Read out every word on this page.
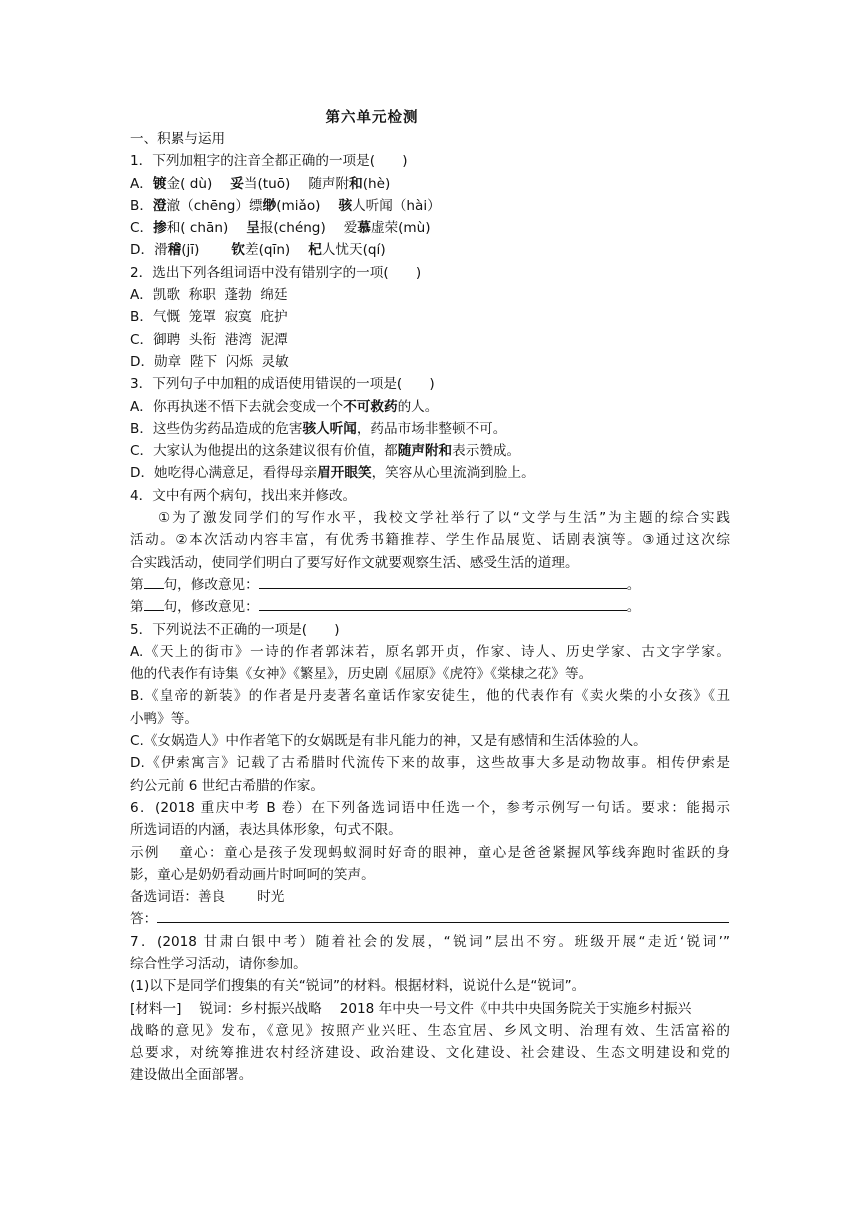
第六单元检测
一、积累与运用
1．下列加粗字的注音全都正确的一项是(　　)
A．镀金( dù) 妥当(tuō) 随声附和(hè)
B．澄澈（chēng）缥缈(miǎo) 骇人听闻（hài）
C．掺和( chān) 呈报(chéng) 爱慕虚荣(mù)
D．滑稽(jī) 钦差(qīn) 杞人忧天(qí)
2．选出下列各组词语中没有错别字的一项(　　)
A．凯歌  称职  蓬勃  绵廷
B．气慨  笼罩  寂寞  庇护
C．御聘  头衔  港湾  泥潭
D．勋章  陛下  闪烁  灵敏
3．下列句子中加粗的成语使用错误的一项是(　　)
A．你再执迷不悟下去就会变成一个不可救药的人。
B．这些伪劣药品造成的危害骇人听闻，药品市场非整顿不可。
C．大家认为他提出的这条建议很有价值，都随声附和表示赞成。
D．她吃得心满意足，看得母亲眉开眼笑，笑容从心里流淌到脸上。
4．文中有两个病句，找出来并修改。
①为了激发同学们的写作水平，我校文学社举行了以“文学与生活”为主题的综合实践
活动。②本次活动内容丰富，有优秀书籍推荐、学生作品展览、话剧表演等。③通过这次综
合实践活动，使同学们明白了要写好作文就要观察生活、感受生活的道理。
第 句，修改意见：	。
第 句，修改意见：	。
5．下列说法不正确的一项是(　　)
A.《天上的街市》一诗的作者郭沫若，原名郭开贞，作家、诗人、历史学家、古文字学家。
他的代表作有诗集《女神》《繁星》，历史剧《屈原》《虎符》《棠棣之花》等。
B.《皇帝的新装》的作者是丹麦著名童话作家安徒生，他的代表作有《卖火柴的小女孩》《丑
小鸭》等。
C.《女娲造人》中作者笔下的女娲既是有非凡能力的神，又是有感情和生活体验的人。
D.《伊索寓言》记载了古希腊时代流传下来的故事，这些故事大多是动物故事。相传伊索是
约公元前 6 世纪古希腊的作家。
6．(2018 重庆中考 B 卷）在下列备选词语中任选一个，参考示例写一句话。要求：能揭示
所选词语的内涵，表达具体形象，句式不限。
示例 童心：童心是孩子发现蚂蚁洞时好奇的眼神，童心是爸爸紧握风筝线奔跑时雀跃的身
影，童心是奶奶看动画片时呵呵的笑声。
备选词语：善良 时光
答：
7．(2018 甘肃白银中考）随着社会的发展，“锐词”层出不穷。班级开展“走近‘锐词’”
综合性学习活动，请你参加。
(1)以下是同学们搜集的有关“锐词”的材料。根据材料，说说什么是“锐词”。
[材料一] 锐词：乡村振兴战略 2018 年中央一号文件《中共中央国务院关于实施乡村振兴
战略的意见》发布，《意见》按照产业兴旺、生态宜居、乡风文明、治理有效、生活富裕的
总要求，对统筹推进农村经济建设、政治建设、文化建设、社会建设、生态文明建设和党的
建设做出全面部署。
